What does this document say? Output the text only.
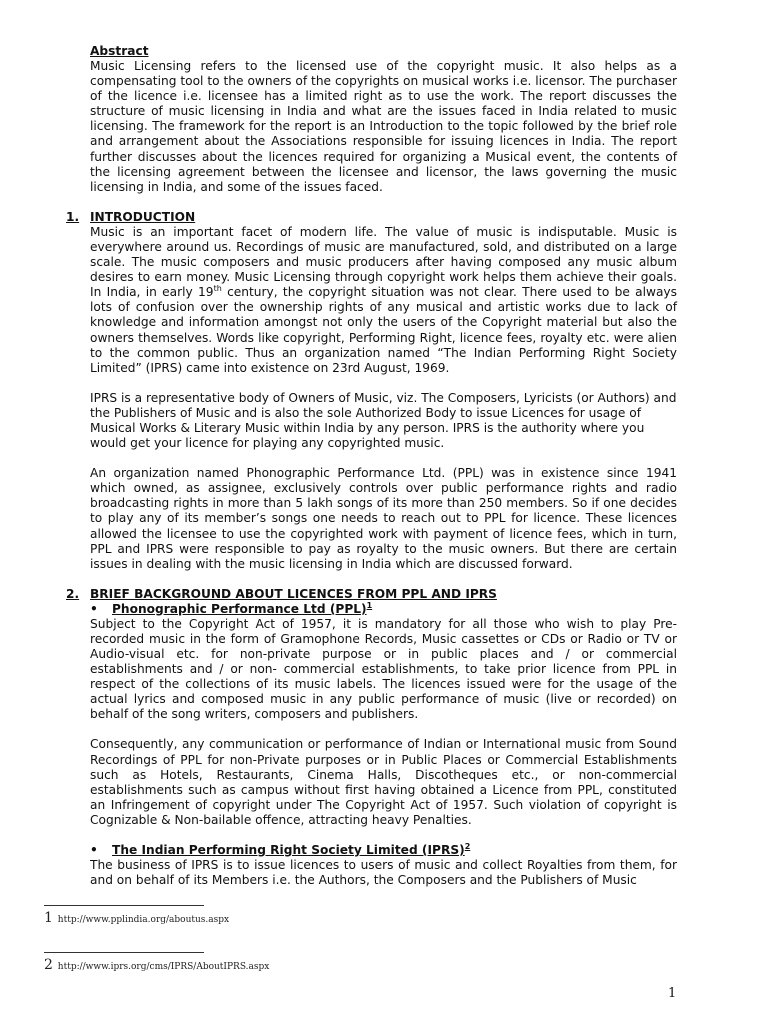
Abstract

Music Licensing refers to the licensed use of the copyright music. It also helps as a compensating tool to the owners of the copyrights on musical works i.e. licensor. The purchaser of the licence i.e. licensee has a limited right as to use the work. The report discusses the structure of music licensing in India and what are the issues faced in India related to music licensing. The framework for the report is an Introduction to the topic followed by the brief role and arrangement about the Associations responsible for issuing licences in India. The report further discusses about the licences required for organizing a Musical event, the contents of the licensing agreement between the licensee and licensor, the laws governing the music licensing in India, and some of the issues faced.

1. INTRODUCTION

Music is an important facet of modern life. The value of music is indisputable. Music is everywhere around us. Recordings of music are manufactured, sold, and distributed on a large scale. The music composers and music producers after having composed any music album desires to earn money. Music Licensing through copyright work helps them achieve their goals. In India, in early 19th century, the copyright situation was not clear. There used to be always lots of confusion over the ownership rights of any musical and artistic works due to lack of knowledge and information amongst not only the users of the Copyright material but also the owners themselves. Words like copyright, Performing Right, licence fees, royalty etc. were alien to the common public. Thus an organization named “The Indian Performing Right Society Limited” (IPRS) came into existence on 23rd August, 1969.

IPRS is a representative body of Owners of Music, viz. The Composers, Lyricists (or Authors) and the Publishers of Music and is also the sole Authorized Body to issue Licences for usage of Musical Works & Literary Music within India by any person. IPRS is the authority where you would get your licence for playing any copyrighted music.

An organization named Phonographic Performance Ltd. (PPL) was in existence since 1941 which owned, as assignee, exclusively controls over public performance rights and radio broadcasting rights in more than 5 lakh songs of its more than 250 members. So if one decides to play any of its member’s songs one needs to reach out to PPL for licence. These licences allowed the licensee to use the copyrighted work with payment of licence fees, which in turn, PPL and IPRS were responsible to pay as royalty to the music owners. But there are certain issues in dealing with the music licensing in India which are discussed forward.

2. BRIEF BACKGROUND ABOUT LICENCES FROM PPL AND IPRS
• Phonographic Performance Ltd (PPL)$^1$

Subject to the Copyright Act of 1957, it is mandatory for all those who wish to play Pre-recorded music in the form of Gramophone Records, Music cassettes or CDs or Radio or TV or Audio-visual etc. for non-private purpose or in public places and / or commercial establishments and / or non- commercial establishments, to take prior licence from PPL in respect of the collections of its music labels. The licences issued were for the usage of the actual lyrics and composed music in any public performance of music (live or recorded) on behalf of the song writers, composers and publishers.

Consequently, any communication or performance of Indian or International music from Sound Recordings of PPL for non-Private purposes or in Public Places or Commercial Establishments such as Hotels, Restaurants, Cinema Halls, Discotheques etc., or non-commercial establishments such as campus without first having obtained a Licence from PPL, constituted an Infringement of copyright under The Copyright Act of 1957. Such violation of copyright is Cognizable & Non-bailable offence, attracting heavy Penalties.

• The Indian Performing Right Society Limited (IPRS)$^2$

The business of IPRS is to issue licences to users of music and collect Royalties from them, for and on behalf of its Members i.e. the Authors, the Composers and the Publishers of Music

1 http://www.pplindia.org/aboutus.aspx
2 http://www.iprs.org/cms/IPRS/AboutIPRS.aspx
1
